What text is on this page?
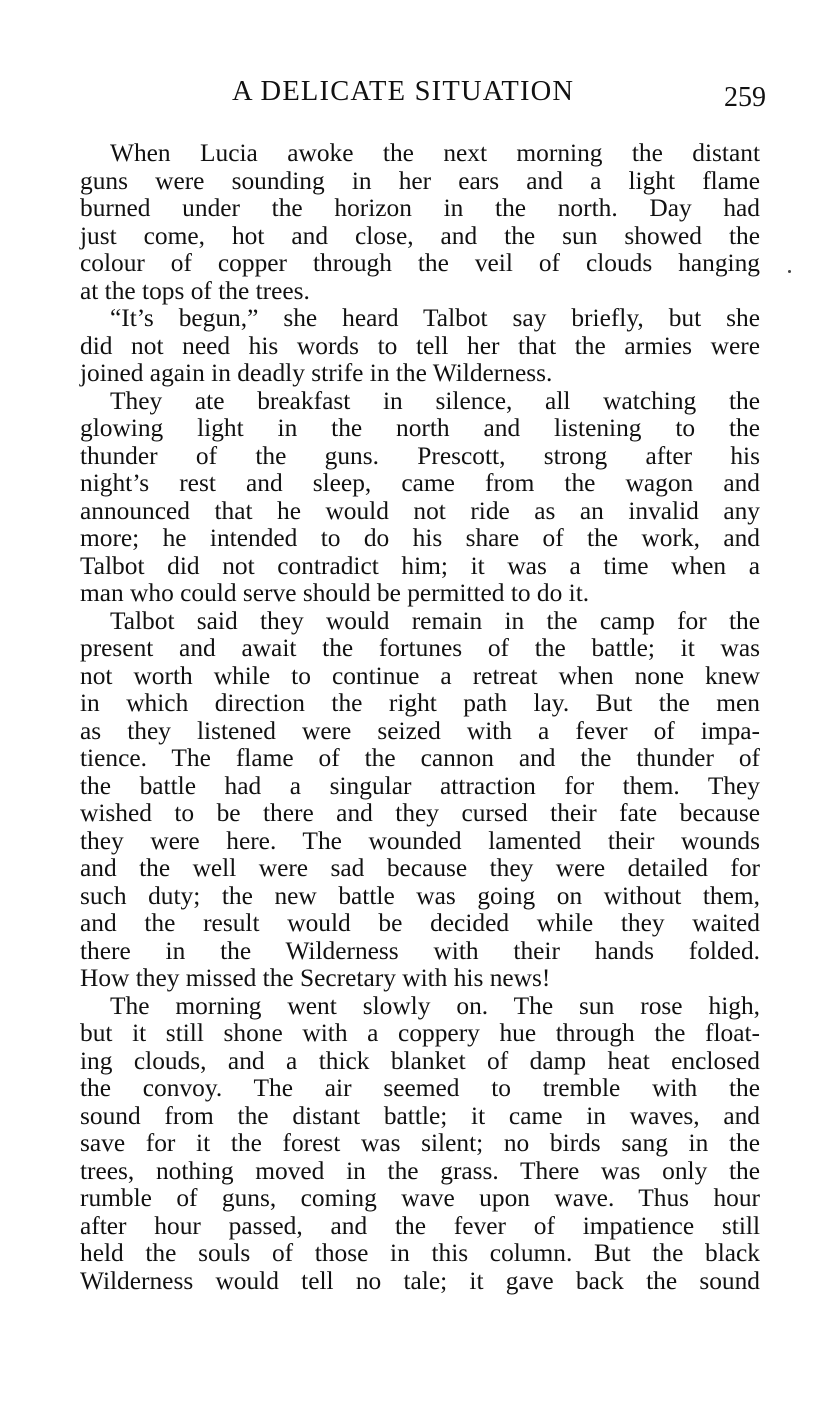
A DELICATE SITUATION	259
When Lucia awoke the next morning the distant
guns were sounding in her ears and a light flame
burned under the horizon in the north. Day had
just come, hot and close, and the sun showed the
colour of copper through the veil of clouds hanging
at the tops of the trees.
“It’s begun,” she heard Talbot say briefly, but she
did not need his words to tell her that the armies were
joined again in deadly strife in the Wilderness.
They ate breakfast in silence, all watching the
glowing light in the north and listening to the
thunder of the guns. Prescott, strong after his
night’s rest and sleep, came from the wagon and
announced that he would not ride as an invalid any
more; he intended to do his share of the work, and
Talbot did not contradict him; it was a time when a
man who could serve should be permitted to do it.
Talbot said they would remain in the camp for the
present and await the fortunes of the battle; it was
not worth while to continue a retreat when none knew
in which direction the right path lay. But the men
as they listened were seized with a fever of impa-
tience. The flame of the cannon and the thunder of
the battle had a singular attraction for them. They
wished to be there and they cursed their fate because
they were here. The wounded lamented their wounds
and the well were sad because they were detailed for
such duty; the new battle was going on without them,
and the result would be decided while they waited
there in the Wilderness with their hands folded.
How they missed the Secretary with his news!
The morning went slowly on. The sun rose high,
but it still shone with a coppery hue through the float-
ing clouds, and a thick blanket of damp heat enclosed
the convoy. The air seemed to tremble with the
sound from the distant battle; it came in waves, and
save for it the forest was silent; no birds sang in the
trees, nothing moved in the grass. There was only the
rumble of guns, coming wave upon wave. Thus hour
after hour passed, and the fever of impatience still
held the souls of those in this column. But the black
Wilderness would tell no tale; it gave back the sound
